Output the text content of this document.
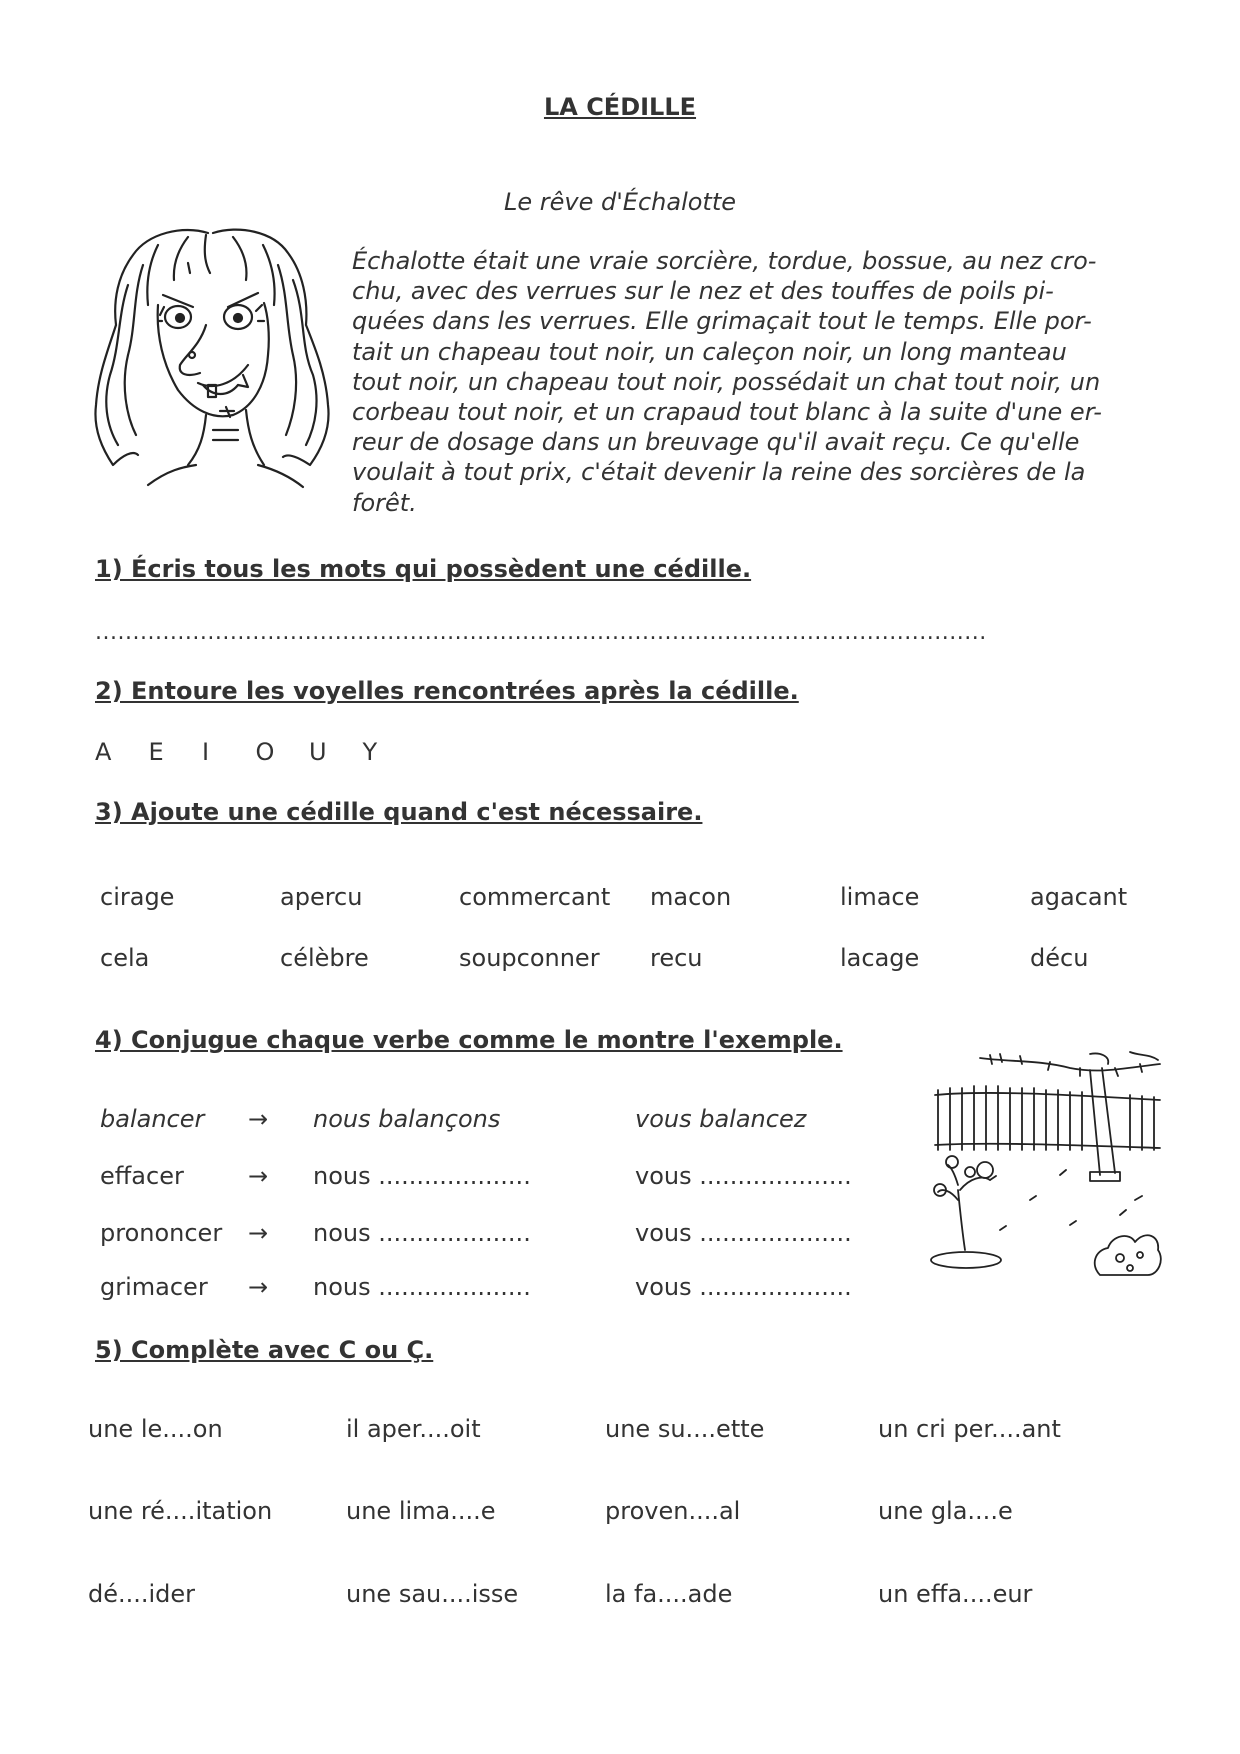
LA CÉDILLE
Le rêve d'Échalotte
Échalotte était une vraie sorcière, tordue, bossue, au nez cro-
chu, avec des verrues sur le nez et des touffes de poils pi-
quées dans les verrues. Elle grimaçait tout le temps. Elle por-
tait un chapeau tout noir, un caleçon noir, un long manteau
tout noir, un chapeau tout noir, possédait un chat tout noir, un
corbeau tout noir, et un crapaud tout blanc à la suite d'une er-
reur de dosage dans un breuvage qu'il avait reçu. Ce qu'elle
voulait à tout prix, c'était devenir la reine des sorcières de la
forêt.
1) Écris tous les mots qui possèdent une cédille.
.......................................................................................................................
2) Entoure les voyelles rencontrées après la cédille.
A	E	I	O	U	Y
3) Ajoute une cédille quand c'est nécessaire.
cirage	apercu	commercant macon	limace	agacant
cela	célèbre	soupconner recu	lacage	décu
4) Conjugue chaque verbe comme le montre l'exemple.
balancer → nous balançons	vous balancez
effacer	→ nous ....................	vous ....................
prononcer → nous ....................	vous ....................
grimacer → nous ....................	vous ....................
5) Complète avec C ou Ç.
une le....on	il aper....oit	une su....ette	un cri per....ant
une ré....itation	une lima....e	proven....al	une gla....e
dé....ider	une sau....isse	la fa....ade	un effa....eur
